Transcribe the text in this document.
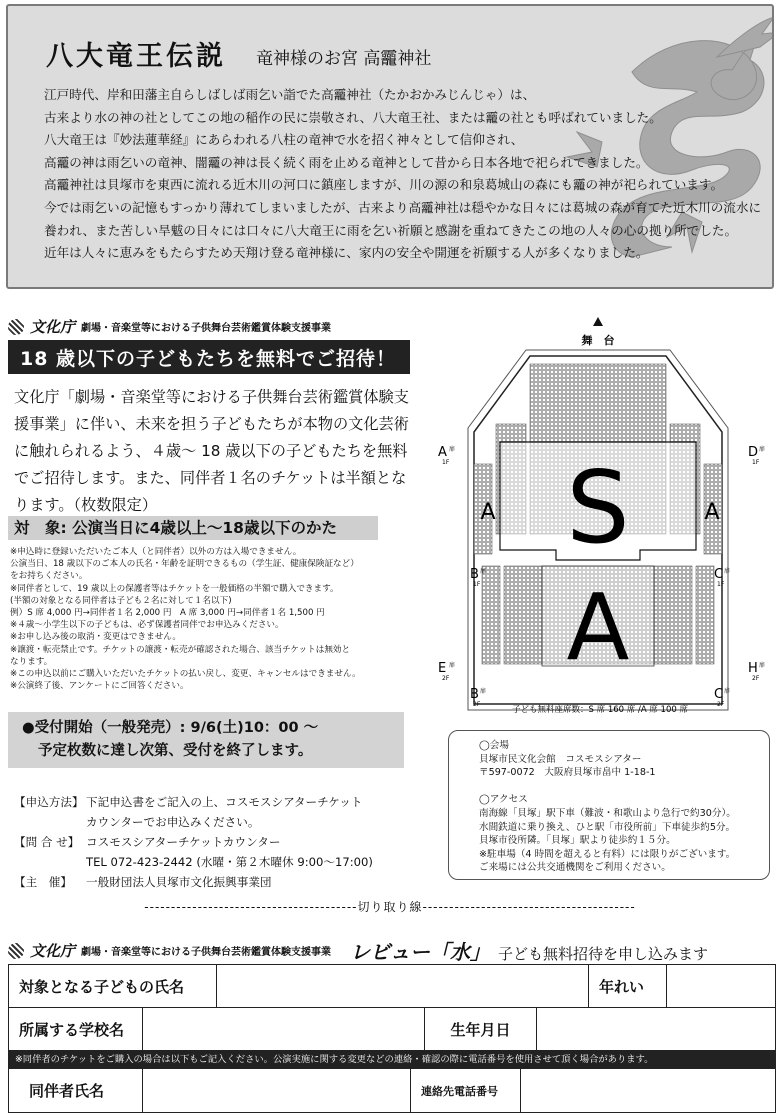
八大竜王伝説 竜神様のお宮 高龗神社

江戸時代、岸和田藩主自らしばしば雨乞い詣でた高龗神社（たかおかみじんじゃ）は、

古来より水の神の社としてこの地の稲作の民に崇敬され、八大竜王社、または龗の社とも呼ばれていました。

八大竜王は『妙法蓮華経』にあらわれる八柱の竜神で水を招く神々として信仰され、

高龗の神は雨乞いの竜神、闇龗の神は長く続く雨を止める竜神として昔から日本各地で祀られてきました。

高龗神社は貝塚市を東西に流れる近木川の河口に鎮座しますが、川の源の和泉葛城山の森にも龗の神が祀られています。

今では雨乞いの記憶もすっかり薄れてしまいましたが、古来より高龗神社は穏やかな日々には葛城の森が育てた近木川の流水に養われ、また苦しい旱魃の日々には口々に八大竜王に雨を乞い祈願と感謝を重ねてきたこの地の人々の心の拠り所でした。

近年は人々に恵みをもたらすため天翔け登る竜神様に、家内の安全や開運を祈願する人が多くなりました。

文化庁 劇場・音楽堂等における子供舞台芸術鑑賞体験支援事業
18 歳以下の子どもたちを無料でご招待！

文化庁「劇場・音楽堂等における子供舞台芸術鑑賞体験支援事業」に伴い、未来を担う子どもたちが本物の文化芸術に触れられるよう、４歳～ 18 歳以下の子どもたちを無料でご招待します。また、同伴者１名のチケットは半額となります。（枚数限定）

対　象: 公演当日に4歳以上～18歳以下のかた

※申込時に登録いただいたご本人（と同伴者）以外の方は入場できません。

公演当日、18 歳以下のご本人の氏名・年齢を証明できるもの（学生証、健康保険証など）

をお持ちください。

※同伴者として、19 歳以上の保護者等はチケットを一般価格の半額で購入できます。

(半額の対象となる同伴者は子ども２名に対して１名以下)

例）S 席 4,000 円→同伴者１名 2,000 円　A 席 3,000 円→同伴者１名 1,500 円

※４歳～小学生以下の子どもは、必ず保護者同伴でお申込みください。

※お申し込み後の取消・変更はできません。

※譲渡・転売禁止です。チケットの譲渡・転売が確認された場合、該当チケットは無効と

なります。

※この申込以前にご購入いただいたチケットの払い戻し、変更、キャンセルはできません。

※公演終了後、アンケートにご回答ください。

●受付開始（一般発売）: 9/6(土)10：00 ～
予定枚数に達し次第、受付を終了します。
【申込方法】 下記申込書をご記入の上、コスモスシアターチケット
カウンターでお申込みください。
【問 合 せ】 コスモスシアターチケットカウンター
TEL 072-423-2442 (水曜・第２木曜休 9:00～17:00)
【主　催】	一般財団法人貝塚市文化振興事業団
舞　台
S
A
A	A
A 扉
1F
D 扉
1F
B 扉
1F
C 扉
1F
E 扉
2F
H 扉
2F
B 扉
2F
C 扉
2F
子ども無料座席数：S 席 160 席 /A 席 100 席

◯会場

貝塚市民文化会館　コスモスシアター

〒597-0072　大阪府貝塚市畠中 1-18-1

◯アクセス

南海線「貝塚」駅下車（難波・和歌山より急行で約30分）。

水間鉄道に乗り換え、ひと駅「市役所前」下車徒歩約5分。

貝塚市役所隣。「貝塚」駅より徒歩約１５分。

※駐車場（4 時間を超えると有料）には限りがございます。

ご来場には公共交通機関をご利用ください。

----------------------------------------切り取り線----------------------------------------
文化庁 劇場・音楽堂等における子供舞台芸術鑑賞体験支援事業 レビュー「水」 子ども無料招待を申し込みます
対象となる子どもの氏名	年れい
所属する学校名	生年月日
※同伴者のチケットをご購入の場合は以下もご記入ください。公演実施に関する変更などの連絡・確認の際に電話番号を使用させて頂く場合があります。
同伴者氏名	連絡先電話番号
